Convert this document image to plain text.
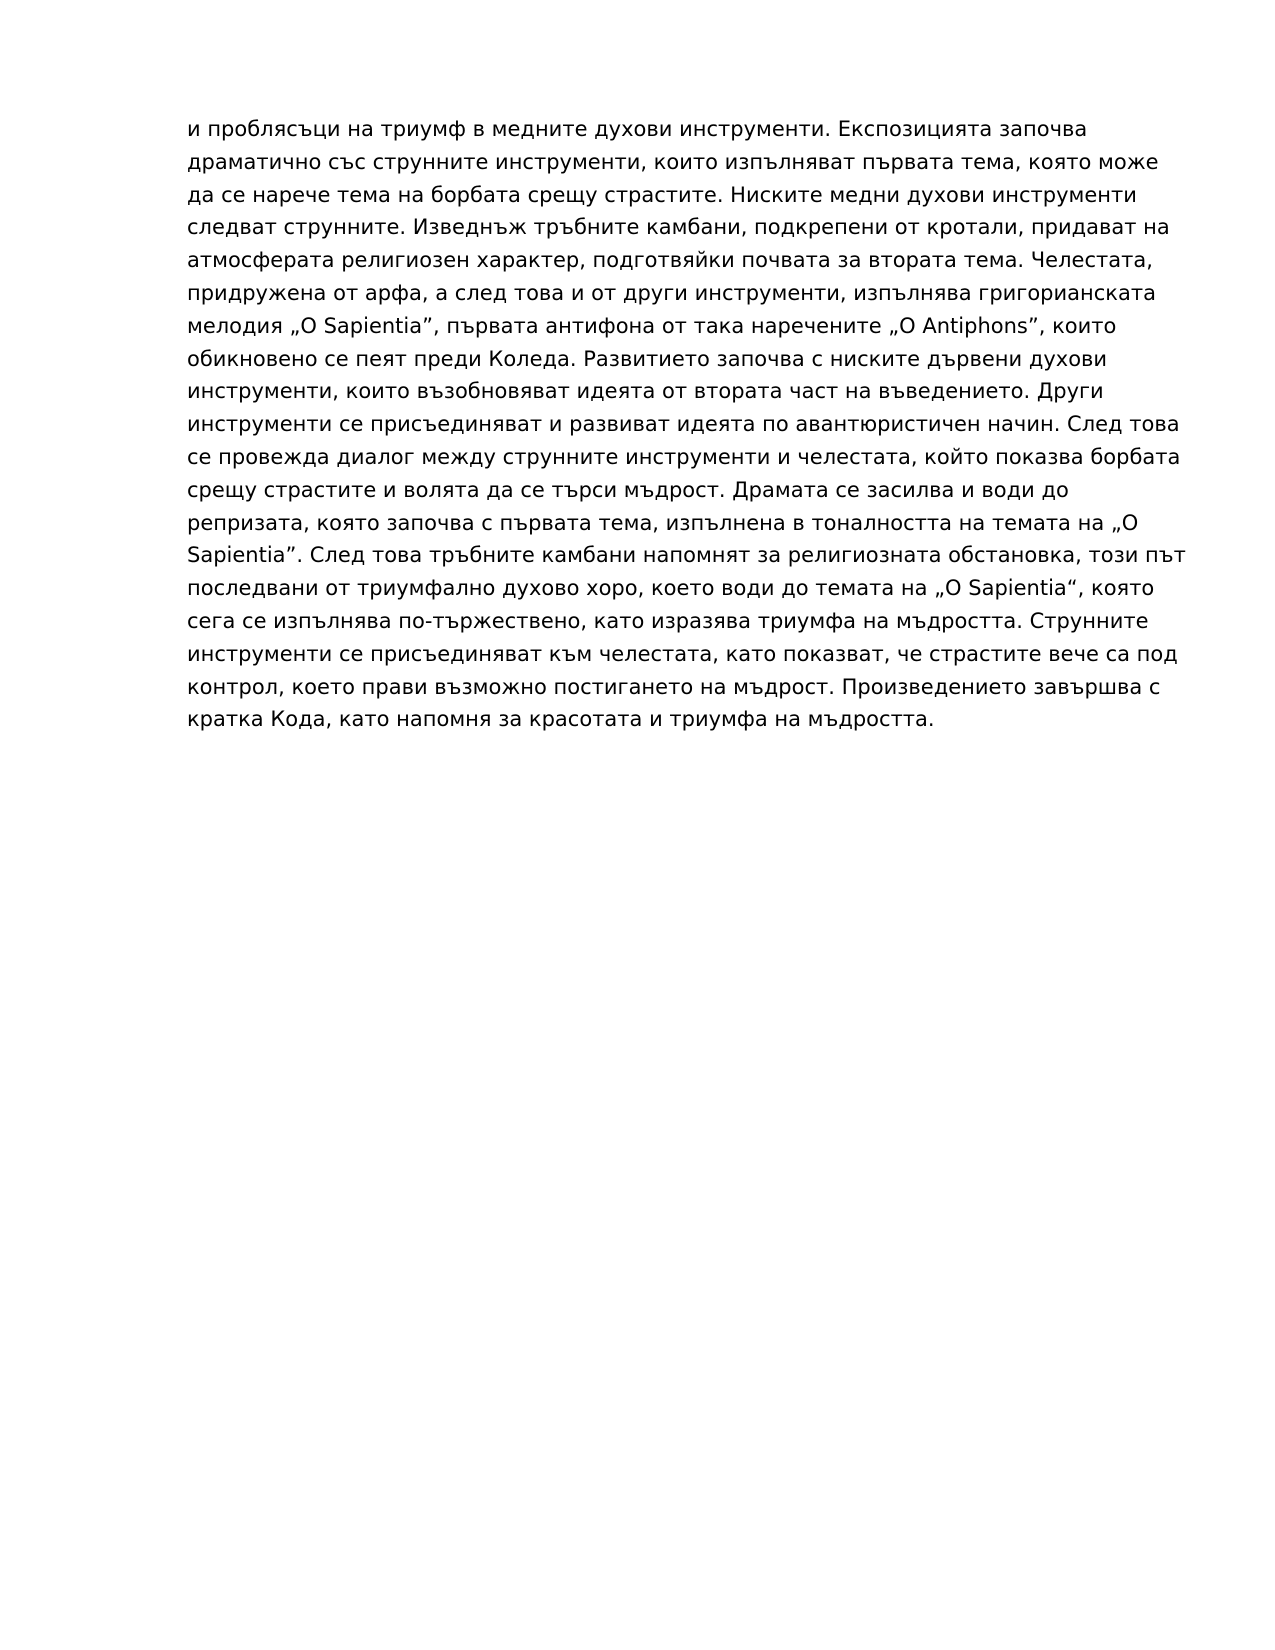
и проблясъци на триумф в медните духови инструменти. Експозицията започва
драматично със струнните инструменти, които изпълняват първата тема, която може
да се нарече тема на борбата срещу страстите. Ниските медни духови инструменти
следват струнните. Изведнъж тръбните камбани, подкрепени от кротали, придават на
атмосферата религиозен характер, подготвяйки почвата за втората тема. Челестата,
придружена от арфа, а след това и от други инструменти, изпълнява григорианската
мелодия „О Sapientia”, първата антифона от така наречените „О Antiphons”, които
обикновено се пеят преди Коледа. Развитието започва с ниските дървени духови
инструменти, които възобновяват идеята от втората част на въведението. Други
инструменти се присъединяват и развиват идеята по авантюристичен начин. След това
се провежда диалог между струнните инструменти и челестата, който показва борбата
срещу страстите и волята да се търси мъдрост. Драмата се засилва и води до
репризата, която започва с първата тема, изпълнена в тоналността на темата на „О
Sapientia”. След това тръбните камбани напомнят за религиозната обстановка, този път
последвани от триумфално духово хоро, което води до темата на „О Sapientia“, която
сега се изпълнява по-тържествено, като изразява триумфа на мъдростта. Струнните
инструменти се присъединяват към челестата, като показват, че страстите вече са под
контрол, което прави възможно постигането на мъдрост. Произведението завършва с
кратка Кода, като напомня за красотата и триумфа на мъдростта.
